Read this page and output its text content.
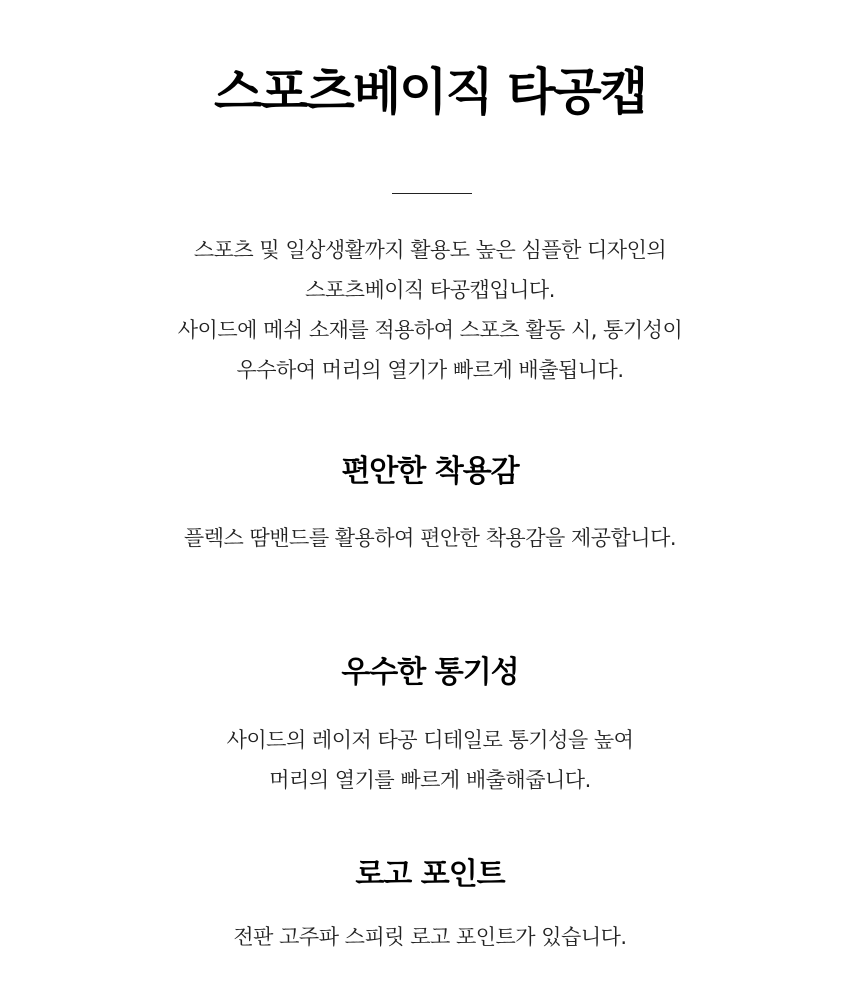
스포츠베이직 타공캡
스포츠 및 일상생활까지 활용도 높은 심플한 디자인의
스포츠베이직 타공캡입니다.
사이드에 메쉬 소재를 적용하여 스포츠 활동 시, 통기성이
우수하여 머리의 열기가 빠르게 배출됩니다.
편안한 착용감
플렉스 땀밴드를 활용하여 편안한 착용감을 제공합니다.
우수한 통기성
사이드의 레이저 타공 디테일로 통기성을 높여
머리의 열기를 빠르게 배출해줍니다.
로고 포인트
전판 고주파 스피릿 로고 포인트가 있습니다.
